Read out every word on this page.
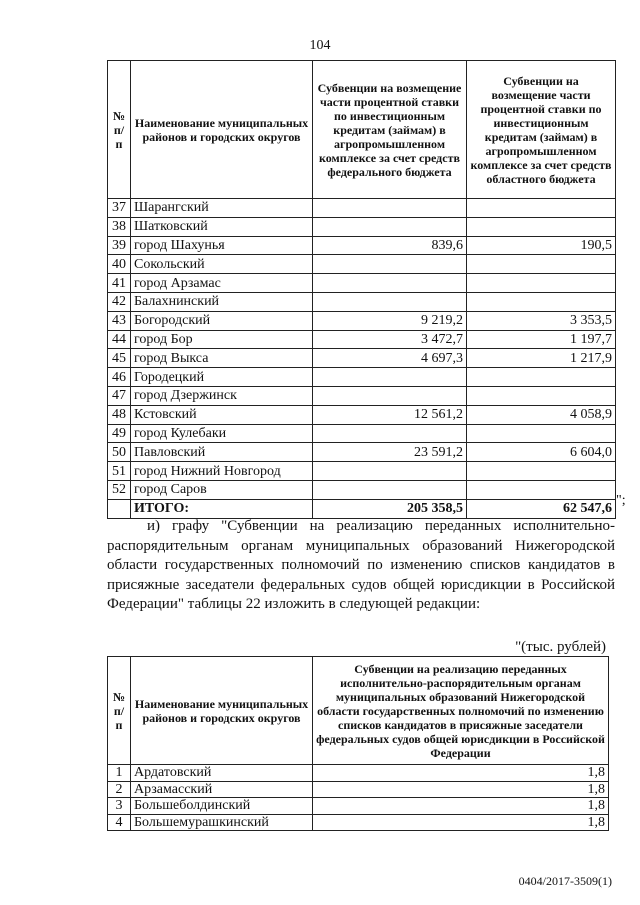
104
№ п/п	Наименование муниципальных районов и городских округов	Субвенции на возмещение части процентной ставки по инвестиционным кредитам (займам) в агропромышленном комплексе за счет средств федерального бюджета	Субвенции на возмещение части процентной ставки по инвестиционным кредитам (займам) в агропромышленном комплексе за счет средств областного бюджета
37	Шарангский		
38	Шатковский		
39	город Шахунья	839,6	190,5
40	Сокольский		
41	город Арзамас		
42	Балахнинский		
43	Богородский	9 219,2	3 353,5
44	город Бор	3 472,7	1 197,7
45	город Выкса	4 697,3	1 217,9
46	Городецкий		
47	город Дзержинск		
48	Кстовский	12 561,2	4 058,9
49	город Кулебаки		
50	Павловский	23 591,2	6 604,0
51	город Нижний Новгород		
52	город Саров		
	ИТОГО:	205 358,5	62 547,6
";
и) графу "Субвенции на реализацию переданных исполнительно-распорядительным органам муниципальных образований Нижегородской области государственных полномочий по изменению списков кандидатов в присяжные заседатели федеральных судов общей юрисдикции в Российской Федерации" таблицы 22 изложить в следующей редакции:
"(тыс. рублей)
№ п/п	Наименование муниципальных районов и городских округов	Субвенции на реализацию переданных исполнительно-распорядительным органам муниципальных образований Нижегородской области государственных полномочий по изменению списков кандидатов в присяжные заседатели федеральных судов общей юрисдикции в Российской Федерации
1	Ардатовский	1,8
2	Арзамасский	1,8
3	Большеболдинский	1,8
4	Большемурашкинский	1,8
0404/2017-3509(1)
